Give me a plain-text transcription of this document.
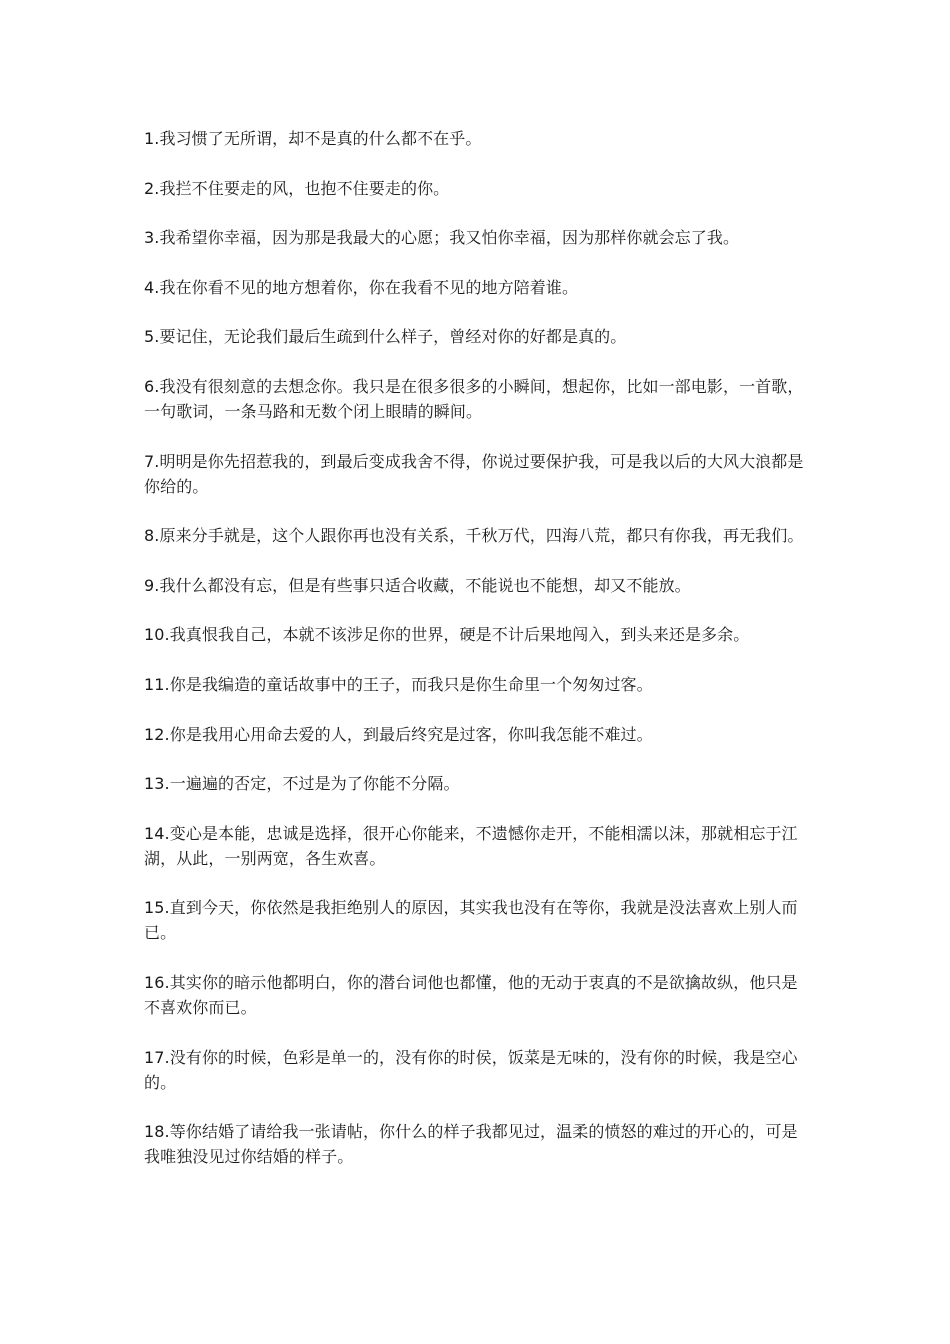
1.我习惯了无所谓，却不是真的什么都不在乎。

2.我拦不住要走的风，也抱不住要走的你。

3.我希望你幸福，因为那是我最大的心愿；我又怕你幸福，因为那样你就会忘了我。

4.我在你看不见的地方想着你，你在我看不见的地方陪着谁。

5.要记住，无论我们最后生疏到什么样子，曾经对你的好都是真的。

6.我没有很刻意的去想念你。我只是在很多很多的小瞬间，想起你，比如一部电影，一首歌，一句歌词，一条马路和无数个闭上眼睛的瞬间。

7.明明是你先招惹我的，到最后变成我舍不得，你说过要保护我，可是我以后的大风大浪都是你给的。

8.原来分手就是，这个人跟你再也没有关系，千秋万代，四海八荒，都只有你我，再无我们。

9.我什么都没有忘，但是有些事只适合收藏，不能说也不能想，却又不能放。

10.我真恨我自己，本就不该涉足你的世界，硬是不计后果地闯入，到头来还是多余。

11.你是我编造的童话故事中的王子，而我只是你生命里一个匆匆过客。

12.你是我用心用命去爱的人，到最后终究是过客，你叫我怎能不难过。

13.一遍遍的否定，不过是为了你能不分隔。

14.变心是本能，忠诚是选择，很开心你能来，不遗憾你走开，不能相濡以沫，那就相忘于江湖，从此，一别两宽，各生欢喜。

15.直到今天，你依然是我拒绝别人的原因，其实我也没有在等你，我就是没法喜欢上别人而已。

16.其实你的暗示他都明白，你的潜台词他也都懂，他的无动于衷真的不是欲擒故纵，他只是不喜欢你而已。

17.没有你的时候，色彩是单一的，没有你的时侯，饭菜是无味的，没有你的时候，我是空心的。

18.等你结婚了请给我一张请帖，你什么的样子我都见过，温柔的愤怒的难过的开心的，可是我唯独没见过你结婚的样子。
